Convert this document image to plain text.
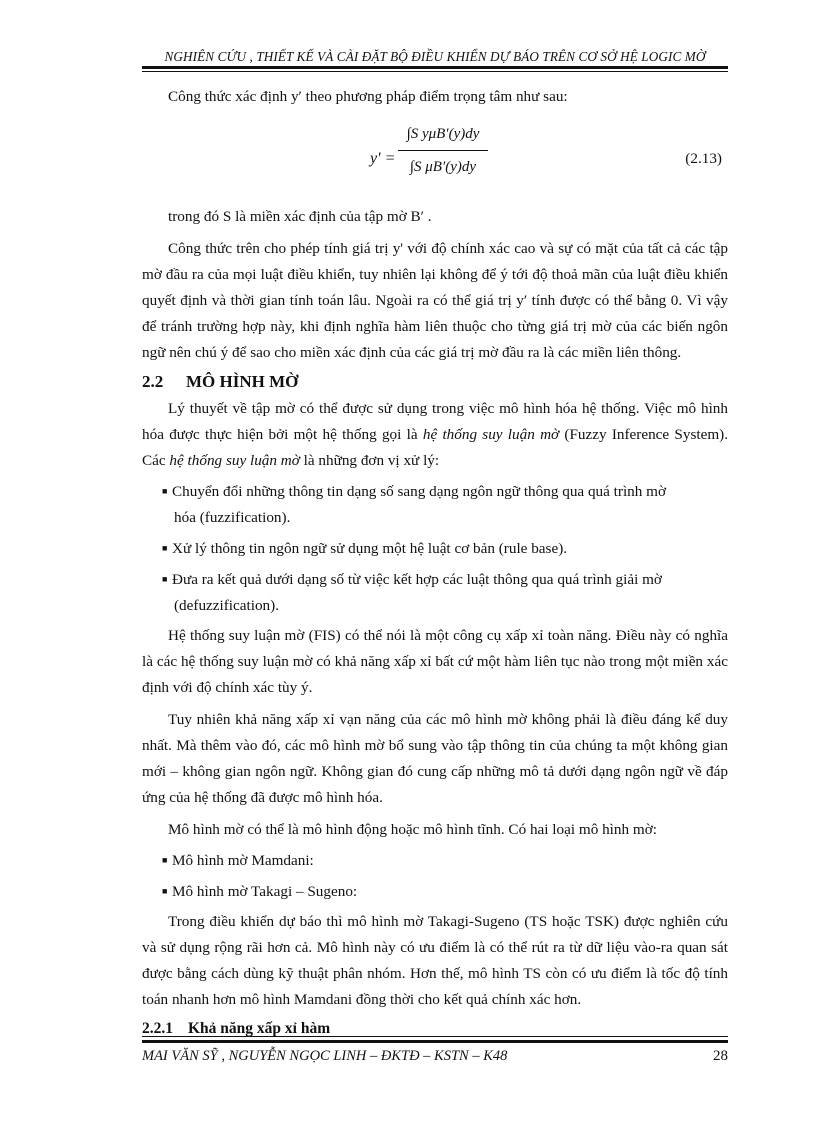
NGHIÊN CỨU , THIẾT KẾ VÀ CÀI ĐẶT BỘ ĐIỀU KHIỂN DỰ BÁO TRÊN CƠ SỞ HỆ LOGIC MỜ

Công thức xác định y′ theo phương pháp điểm trọng tâm như sau:

y′ =
∫S yμB′(y)dy
∫S μB′(y)dy	(2.13)

trong đó S là miền xác định của tập mờ B′ .

Công thức trên cho phép tính giá trị y' với độ chính xác cao và sự có mặt của tất cả các tập mờ đầu ra của mọi luật điều khiển, tuy nhiên lại không để ý tới độ thoả mãn của luật điều khiển quyết định và thời gian tính toán lâu. Ngoài ra có thể giá trị y′ tính được có thể bằng 0. Vì vậy để tránh trường hợp này, khi định nghĩa hàm liên thuộc cho từng giá trị mờ của các biến ngôn ngữ nên chú ý để sao cho miền xác định của các giá trị mờ đầu ra là các miền liên thông.

2.2 MÔ HÌNH MỜ

Lý thuyết về tập mờ có thể được sử dụng trong việc mô hình hóa hệ thống. Việc mô hình hóa được thực hiện bởi một hệ thống gọi là hệ thống suy luận mờ (Fuzzy Inference System). Các hệ thống suy luận mờ là những đơn vị xử lý:

■ Chuyển đổi những thông tin dạng số sang dạng ngôn ngữ thông qua quá trình mờ
hóa (fuzzification).
■ Xử lý thông tin ngôn ngữ sử dụng một hệ luật cơ bản (rule base).
■ Đưa ra kết quả dưới dạng số từ việc kết hợp các luật thông qua quá trình giải mờ
(defuzzification).

Hệ thống suy luận mờ (FIS) có thể nói là một công cụ xấp xỉ toàn năng. Điều này có nghĩa là các hệ thống suy luận mờ có khả năng xấp xỉ bất cứ một hàm liên tục nào trong một miền xác định với độ chính xác tùy ý.

Tuy nhiên khả năng xấp xỉ vạn năng của các mô hình mờ không phải là điều đáng kể duy nhất. Mà thêm vào đó, các mô hình mờ bổ sung vào tập thông tin của chúng ta một không gian mới – không gian ngôn ngữ. Không gian đó cung cấp những mô tả dưới dạng ngôn ngữ về đáp ứng của hệ thống đã được mô hình hóa.

Mô hình mờ có thể là mô hình động hoặc mô hình tĩnh. Có hai loại mô hình mờ:

■ Mô hình mờ Mamdani:
■ Mô hình mờ Takagi – Sugeno:

Trong điều khiển dự báo thì mô hình mờ Takagi-Sugeno (TS hoặc TSK) được nghiên cứu và sử dụng rộng rãi hơn cả. Mô hình này có ưu điểm là có thể rút ra từ dữ liệu vào-ra quan sát được bằng cách dùng kỹ thuật phân nhóm. Hơn thế, mô hình TS còn có ưu điểm là tốc độ tính toán nhanh hơn mô hình Mamdani đồng thời cho kết quả chính xác hơn.

2.2.1 Khả năng xấp xỉ hàm
MAI VĂN SỸ , NGUYỄN NGỌC LINH – ĐKTĐ – KSTN – K48	28
